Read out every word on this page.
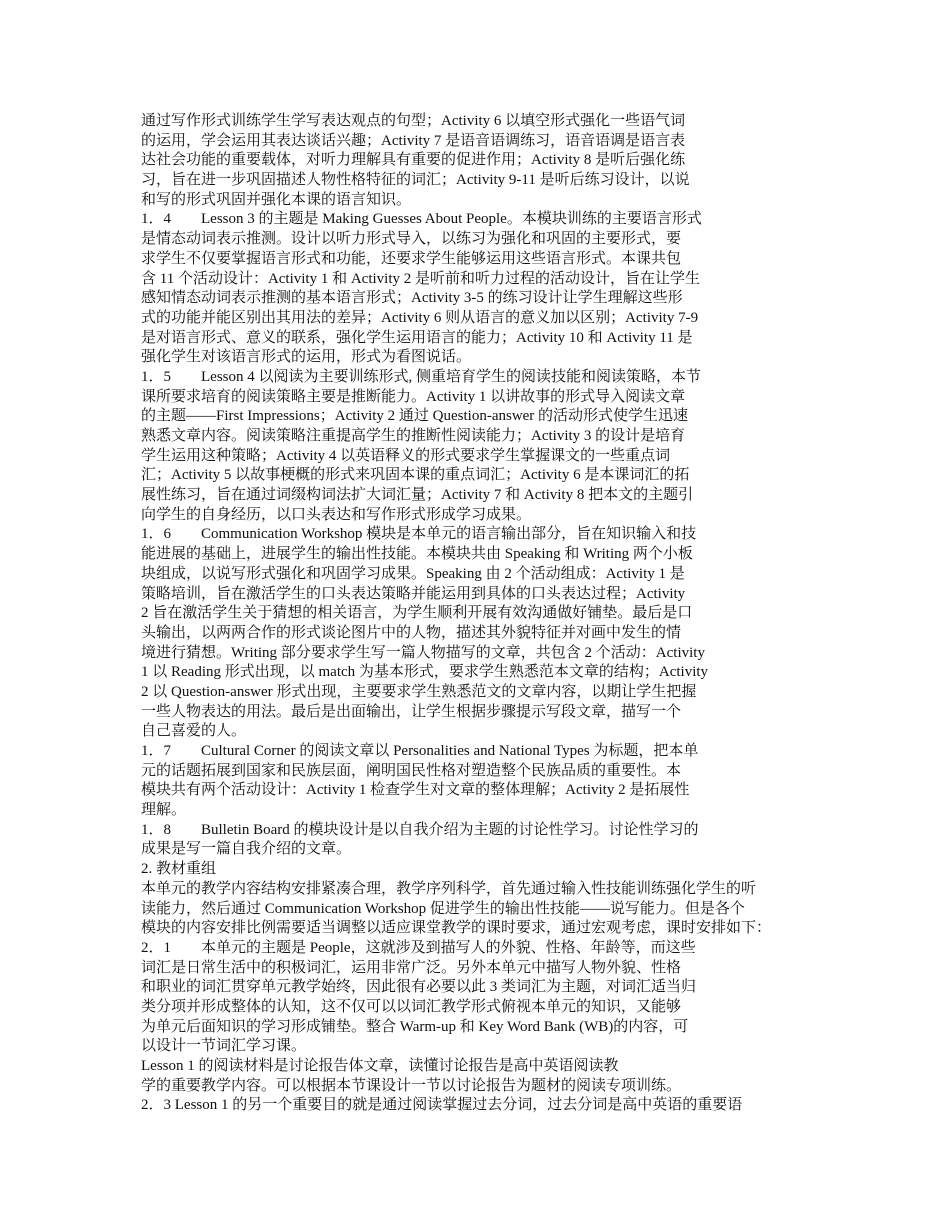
通过写作形式训练学生学写表达观点的句型；Activity 6 以填空形式强化一些语气词
的运用，学会运用其表达谈话兴趣；Activity 7 是语音语调练习，语音语调是语言表
达社会功能的重要载体，对听力理解具有重要的促进作用；Activity 8 是听后强化练
习，旨在进一步巩固描述人物性格特征的词汇；Activity 9-11 是听后练习设计，以说
和写的形式巩固并强化本课的语言知识。
1．4　　Lesson 3 的主题是 Making Guesses About People。本模块训练的主要语言形式
是情态动词表示推测。设计以听力形式导入，以练习为强化和巩固的主要形式，要
求学生不仅要掌握语言形式和功能，还要求学生能够运用这些语言形式。本课共包
含 11 个活动设计：Activity 1 和 Activity 2 是听前和听力过程的活动设计，旨在让学生
感知情态动词表示推测的基本语言形式；Activity 3-5 的练习设计让学生理解这些形
式的功能并能区别出其用法的差异；Activity 6 则从语言的意义加以区别；Activity 7-9
是对语言形式、意义的联系，强化学生运用语言的能力；Activity 10 和 Activity 11 是
强化学生对该语言形式的运用，形式为看图说话。
1．5　　Lesson 4 以阅读为主要训练形式, 侧重培育学生的阅读技能和阅读策略，本节
课所要求培育的阅读策略主要是推断能力。Activity 1 以讲故事的形式导入阅读文章
的主题——First Impressions；Activity 2 通过 Question-answer 的活动形式使学生迅速
熟悉文章内容。阅读策略注重提高学生的推断性阅读能力；Activity 3 的设计是培育
学生运用这种策略；Activity 4 以英语释义的形式要求学生掌握课文的一些重点词
汇；Activity 5 以故事梗概的形式来巩固本课的重点词汇；Activity 6 是本课词汇的拓
展性练习，旨在通过词缀构词法扩大词汇量；Activity 7 和 Activity 8 把本文的主题引
向学生的自身经历，以口头表达和写作形式形成学习成果。
1．6　　Communication Workshop 模块是本单元的语言输出部分，旨在知识输入和技
能进展的基础上，进展学生的输出性技能。本模块共由 Speaking 和 Writing 两个小板
块组成，以说写形式强化和巩固学习成果。Speaking 由 2 个活动组成：Activity 1 是
策略培训，旨在激活学生的口头表达策略并能运用到具体的口头表达过程；Activity
2 旨在激活学生关于猜想的相关语言，为学生顺利开展有效沟通做好铺垫。最后是口
头输出，以两两合作的形式谈论图片中的人物，描述其外貌特征并对画中发生的情
境进行猜想。Writing 部分要求学生写一篇人物描写的文章，共包含 2 个活动：Activity
1 以 Reading 形式出现，以 match 为基本形式，要求学生熟悉范本文章的结构；Activity
2 以 Question-answer 形式出现，主要要求学生熟悉范文的文章内容，以期让学生把握
一些人物表达的用法。最后是出面输出，让学生根据步骤提示写段文章，描写一个
自己喜爱的人。
1．7　　Cultural Corner 的阅读文章以 Personalities and National Types 为标题，把本单
元的话题拓展到国家和民族层面，阐明国民性格对塑造整个民族品质的重要性。本
模块共有两个活动设计：Activity 1 检查学生对文章的整体理解；Activity 2 是拓展性
理解。
1．8　　Bulletin Board 的模块设计是以自我介绍为主题的讨论性学习。讨论性学习的
成果是写一篇自我介绍的文章。
2. 教材重组
本单元的教学内容结构安排紧凑合理，教学序列科学，首先通过输入性技能训练强化学生的听
读能力，然后通过 Communication Workshop 促进学生的输出性技能——说写能力。但是各个
模块的内容安排比例需要适当调整以适应课堂教学的课时要求，通过宏观考虑，课时安排如下：
2．1　　本单元的主题是 People，这就涉及到描写人的外貌、性格、年龄等，而这些
词汇是日常生活中的积极词汇，运用非常广泛。另外本单元中描写人物外貌、性格
和职业的词汇贯穿单元教学始终，因此很有必要以此 3 类词汇为主题，对词汇适当归
类分项并形成整体的认知，这不仅可以以词汇教学形式俯视本单元的知识，又能够
为单元后面知识的学习形成铺垫。整合 Warm-up 和 Key Word Bank (WB)的内容，可
以设计一节词汇学习课。
Lesson 1 的阅读材料是讨论报告体文章，读懂讨论报告是高中英语阅读教
学的重要教学内容。可以根据本节课设计一节以讨论报告为题材的阅读专项训练。
2．3 Lesson 1 的另一个重要目的就是通过阅读掌握过去分词，过去分词是高中英语的重要语
